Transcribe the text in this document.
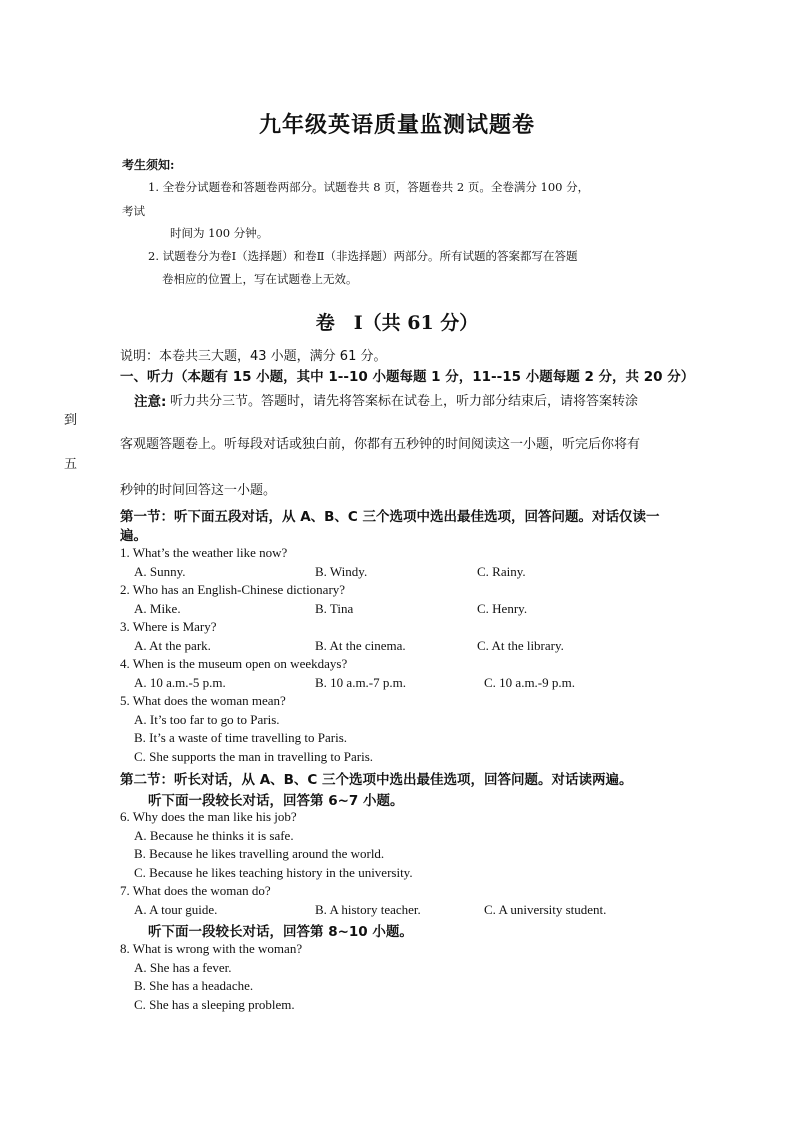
九年级英语质量监测试题卷
考生须知:
1. 全卷分试题卷和答题卷两部分。试题卷共 8 页，答题卷共 2 页。全卷满分 100 分，
考试
时间为 100 分钟。
2. 试题卷分为卷Ⅰ（选择题）和卷Ⅱ（非选择题）两部分。所有试题的答案都写在答题
卷相应的位置上，写在试题卷上无效。
卷　Ⅰ（共 61 分）
说明：本卷共三大题，43 小题，满分 61 分。
一、听力（本题有 15 小题，其中 1--10 小题每题 1 分，11--15 小题每题 2 分，共 20 分）
注意: 听力共分三节。答题时，请先将答案标在试卷上，听力部分结束后，请将答案转涂
到
客观题答题卷上。听每段对话或独白前，你都有五秒钟的时间阅读这一小题，听完后你将有
五
秒钟的时间回答这一小题。
第一节：听下面五段对话，从 A、B、C 三个选项中选出最佳选项，回答问题。对话仅读一
遍。
1. What’s the weather like now?
A. Sunny.	B. Windy.	C. Rainy.
2. Who has an English-Chinese dictionary?
A. Mike.	B. Tina	C. Henry.
3. Where is Mary?
A. At the park.	B. At the cinema.	C. At the library.
4. When is the museum open on weekdays?
A. 10 a.m.-5 p.m.	B. 10 a.m.-7 p.m.	C. 10 a.m.-9 p.m.
5. What does the woman mean?
A. It’s too far to go to Paris.
B. It’s a waste of time travelling to Paris.
C. She supports the man in travelling to Paris.
第二节：听长对话，从 A、B、C 三个选项中选出最佳选项，回答问题。对话读两遍。
听下面一段较长对话，回答第 6~7 小题。
6. Why does the man like his job?
A. Because he thinks it is safe.
B. Because he likes travelling around the world.
C. Because he likes teaching history in the university.
7. What does the woman do?
A. A tour guide.	B. A history teacher.	C. A university student.
听下面一段较长对话，回答第 8~10 小题。
8. What is wrong with the woman?
A. She has a fever.
B. She has a headache.
C. She has a sleeping problem.
